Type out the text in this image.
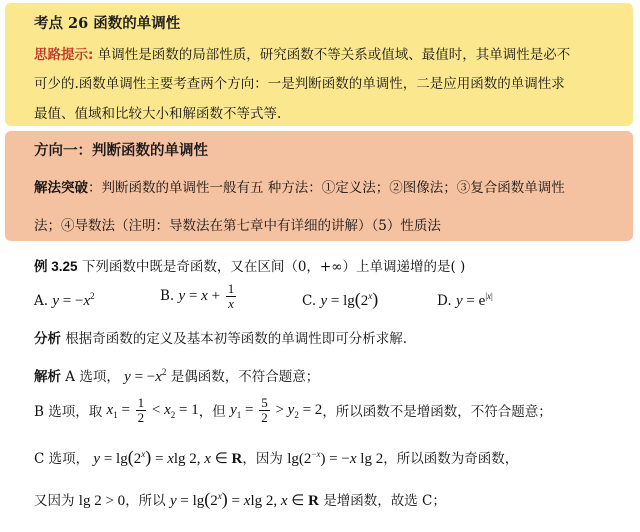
考点 26 函数的单调性
思路提示: 单调性是函数的局部性质，研究函数不等关系或值域、最值时，其单调性是必不
可少的.函数单调性主要考查两个方向：一是判断函数的单调性，二是应用函数的单调性求
最值、值域和比较大小和解函数不等式等.
方向一：判断函数的单调性
解法突破：判断函数的单调性一般有五 种方法：①定义法；②图像法；③复合函数单调性
法；④导数法（注明：导数法在第七章中有详细的讲解）（5）性质法
例 3.25 下列函数中既是奇函数，又在区间（0，+∞）上单调递增的是( )
A. $y = -x^2$	B. $y = x + \frac{1}{x}$	C. $y = \lg(2^x)$	D. $y = e^{|x|}$
分析 根据奇函数的定义及基本初等函数的单调性即可分析求解.
解析 A 选项， $y = -x^2$ 是偶函数，不符合题意；
B 选项，取 $x_1 = \frac{1}{2} < x_2 = 1$，但 $y_1 = \frac{5}{2} > y_2 = 2$，所以函数不是增函数，不符合题意；
C 选项， $y = \lg(2^x) = xlg$ 2, x ∈ R，因为 $\lg(2^{-x}) = -x$ lg 2，所以函数为奇函数，
又因为 lg 2 > 0，所以 $y = \lg(2^x) = xlg$ 2, x ∈ R 是增函数，故选 C；
